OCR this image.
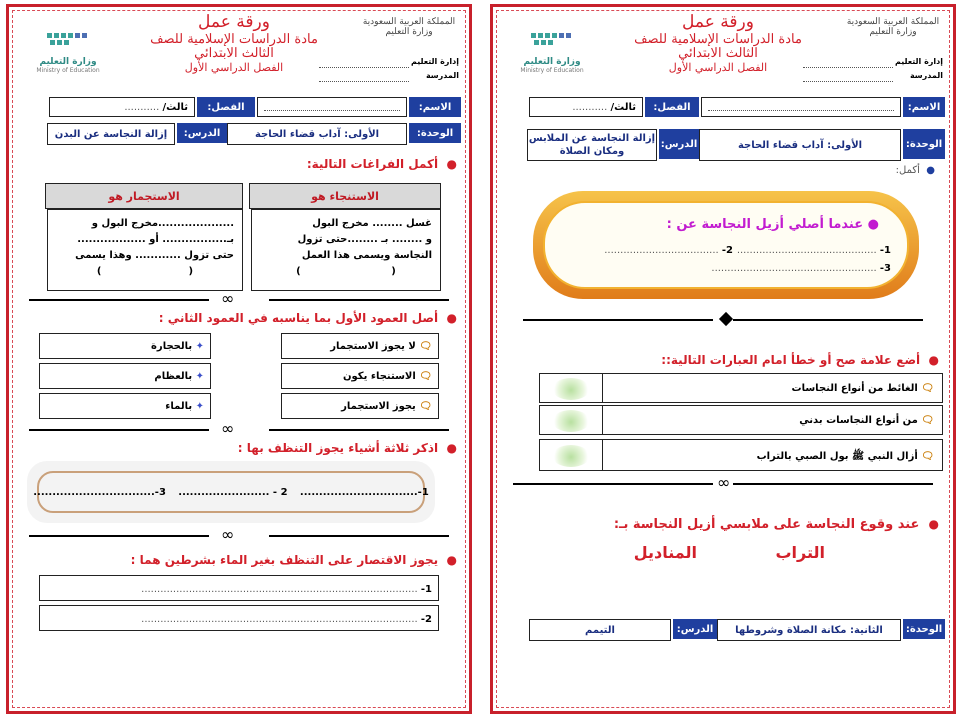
المملكة العربية السعودية
وزارة التعليم
إدارة التعليم
المدرسة
ورقة عمل
مادة الدراسات الإسلامية للصف
الثالث الابتدائي
الفصل الدراسي الأول
وزارة التعليم
Ministry of Education
الاسم:
الفصل:
ثالث/
...........
الوحدة:
الأولى: آداب قضاء الحاجة
الدرس:
إزالة النجاسة عن البدن
●  أكمل الفراغات التالية:
الاستنجاء هو
الاستجمار هو
غسل ........ مخرج البول
و ........ بـ ........حتى تزول
النجاسة ويسمى هذا العمل
(                          )
....................مخرج البول و
بـ................. أو ..................
حتى تزول ............ وهذا يسمى
(                         )
∞
●  أصل العمود الأول بما يناسبه في العمود الثاني :
🗨

لا يجوز الاستجمار
🗨

الاستنجاء يكون
🗨

يجوز الاستجمار
✦

بالحجارة
✦

بالعظام
✦

بالماء
∞
●  اذكر ثلاثة أشياء يجوز التنظف بها :
1-...............................
2 - ........................
3-................................
∞
●  يجوز الاقتصار على التنظف بغير الماء بشرطين هما :
1- .......................................................................................
2- .......................................................................................
المملكة العربية السعودية
وزارة التعليم
إدارة التعليم
المدرسة
ورقة عمل
مادة الدراسات الإسلامية للصف
الثالث الابتدائي
الفصل الدراسي الأول
وزارة التعليم
Ministry of Education
الاسم:
الفصل:
ثالث/
...........
الوحدة:
الأولى: آداب قضاء الحاجة
الدرس:
إزالة النجاسة عن الملابس
ومكان الصلاة
●  أكمل:
● عندما أصلي أزيل النجاسة عن :
1- ............................................
2- ....................................
3- ....................................................
●  أضع علامة صح أو خطأ امام العبارات التالية::
🗨 الغائط من أنواع النجاسات
🗨 من أنواع النجاسات بدني
🗨 أزال النبي ﷺ بول الصبي بالتراب
∞
●  عند وقوع النجاسة على ملابسي أزيل النجاسة بـ:
التراب
المناديل
الوحدة:
الثانية: مكانة الصلاة وشروطها
الدرس:
التيمم
